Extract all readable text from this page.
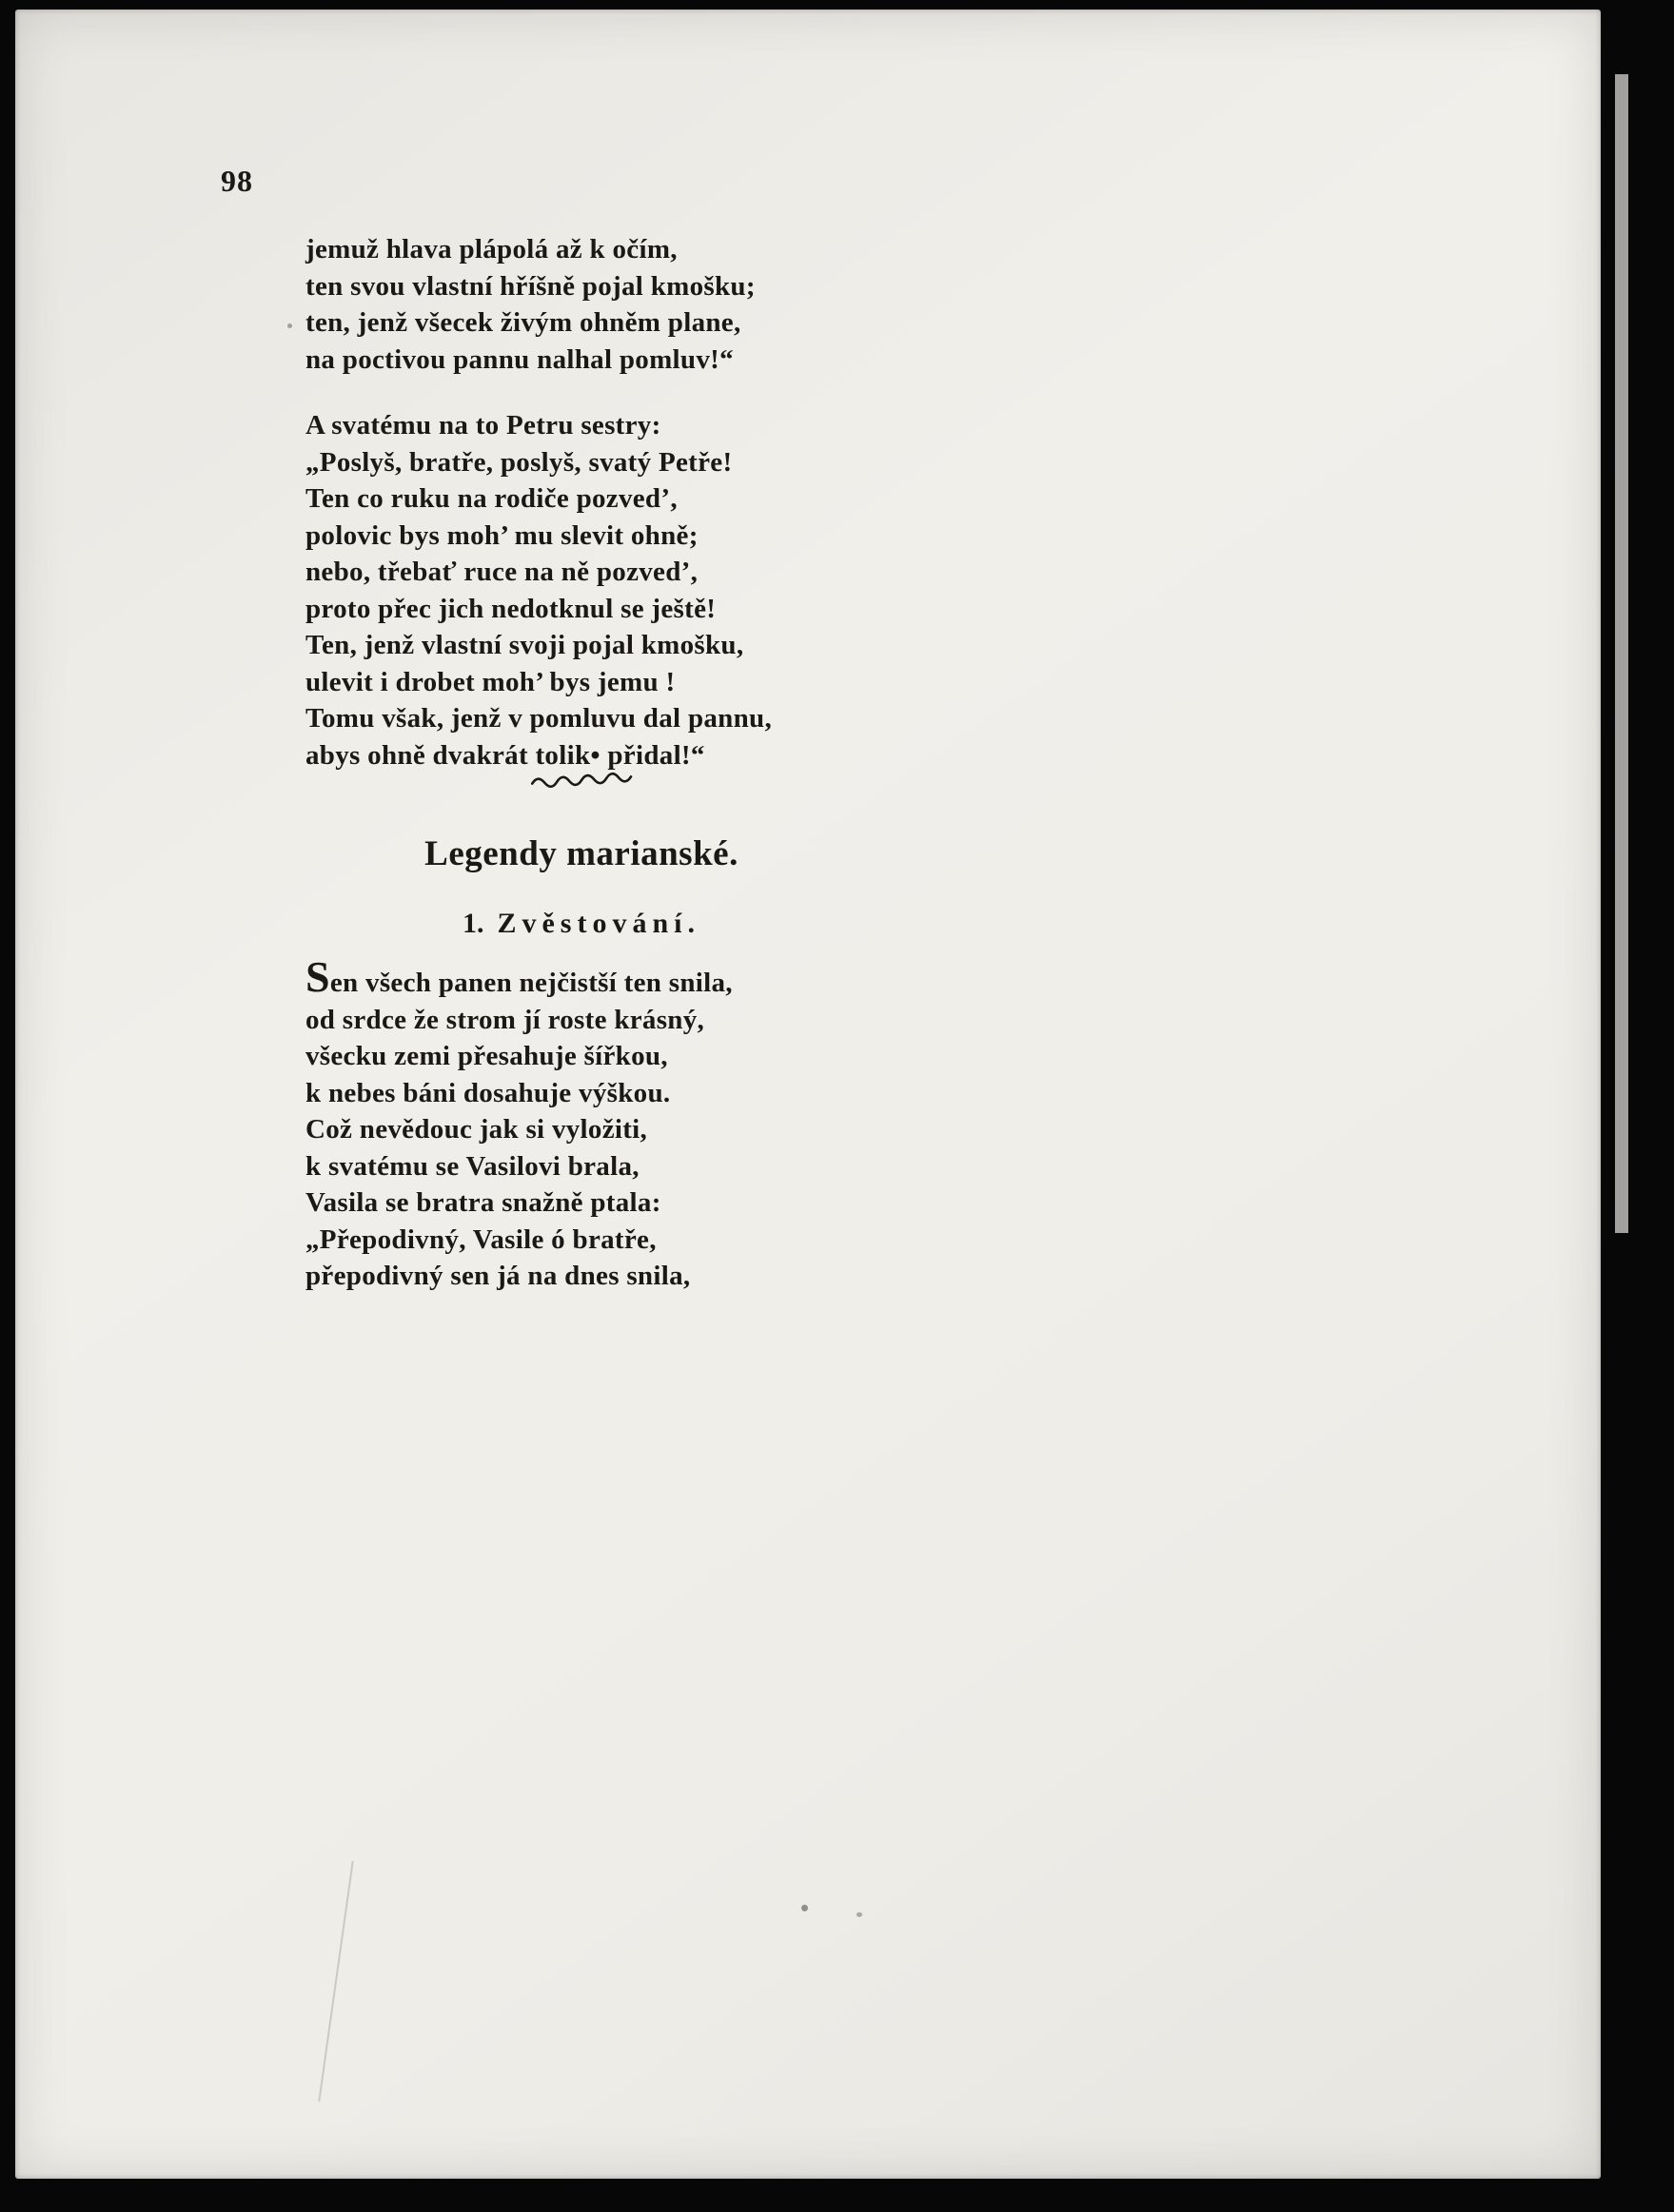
98
jemuž hlava plápolá až k očím,
ten svou vlastní hříšně pojal kmošku;
ten, jenž všecek živým ohněm plane,
na poctivou pannu nalhal pomluv!“
A svatému na to Petru sestry:
„Poslyš, bratře, poslyš, svatý Petře!
Ten co ruku na rodiče pozved’,
polovic bys moh’ mu slevit ohně;
nebo, třebať ruce na ně pozved’,
proto přec jich nedotknul se ještě!
Ten, jenž vlastní svoji pojal kmošku,
ulevit i drobet moh’ bys jemu !
Tomu však, jenž v pomluvu dal pannu,
abys ohně dvakrát tolik• přidal!“
Legendy marianské.
1. Zvěstování.
Sen všech panen nejčistší ten snila,
od srdce že strom jí roste krásný,
všecku zemi přesahuje šířkou,
k nebes báni dosahuje výškou.
Což nevědouc jak si vyložiti,
k svatému se Vasilovi brala,
Vasila se bratra snažně ptala:
„Přepodivný, Vasile ó bratře,
přepodivný sen já na dnes snila,
